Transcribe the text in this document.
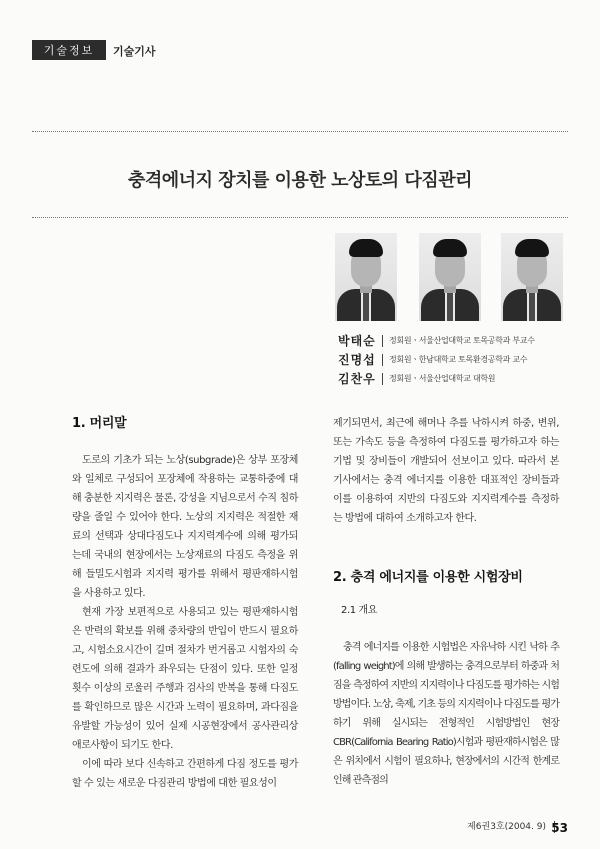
기술정보	기술기사
충격에너지 장치를 이용한 노상토의 다짐관리
박태순	정회원ㆍ서울산업대학교 토목공학과 부교수
진명섭	정회원ㆍ한남대학교 토목환경공학과 교수
김찬우	정회원ㆍ서울산업대학교 대학원
1. 머리말

도로의 기초가 되는 노상(subgrade)은 상부 포장체와 일체로 구성되어 포장체에 작용하는 교통하중에 대해 충분한 지지력은 물론, 강성을 지님으로서 수직 침하량을 줄일 수 있어야 한다. 노상의 지지력은 적절한 재료의 선택과 상대다짐도나 지지력계수에 의해 평가되는데 국내의 현장에서는 노상재료의 다짐도 측정을 위해 들밀도시험과 지지력 평가를 위해서 평판재하시험을 사용하고 있다.

현재 가장 보편적으로 사용되고 있는 평판재하시험은 반력의 확보를 위해 중차량의 반입이 반드시 필요하고, 시험소요시간이 길며 절차가 번거롭고 시험자의 숙련도에 의해 결과가 좌우되는 단점이 있다. 또한 일정 횟수 이상의 로울러 주행과 검사의 반복을 통해 다짐도를 확인하므로 많은 시간과 노력이 필요하며, 과다짐을 유발할 가능성이 있어 실제 시공현장에서 공사관리상 애로사항이 되기도 한다.

이에 따라 보다 신속하고 간편하게 다짐 정도를 평가할 수 있는 새로운 다짐관리 방법에 대한 필요성이

제기되면서, 최근에 해머나 추를 낙하시켜 하중, 변위, 또는 가속도 등을 측정하여 다짐도를 평가하고자 하는 기법 및 장비들이 개발되어 선보이고 있다. 따라서 본 기사에서는 충격 에너지를 이용한 대표적인 장비들과 이를 이용하여 지반의 다짐도와 지지력계수를 측정하는 방법에 대하여 소개하고자 한다.

2. 충격 에너지를 이용한 시험장비
2.1 개요

충격 에너지를 이용한 시험법은 자유낙하 시킨 낙하 추(falling weight)에 의해 발생하는 충격으로부터 하중과 처짐을 측정하여 지반의 지지력이나 다짐도를 평가하는 시험방법이다. 노상, 축제, 기초 등의 지지력이나 다짐도를 평가하기 위해 실시되는 전형적인 시험방법인 현장 CBR(California Bearing Ratio)시험과 평판재하시험은 많은 위치에서 시험이 필요하나, 현장에서의 시간적 한계로 인해 관측점의

제6권3호(2004. 9) 53
